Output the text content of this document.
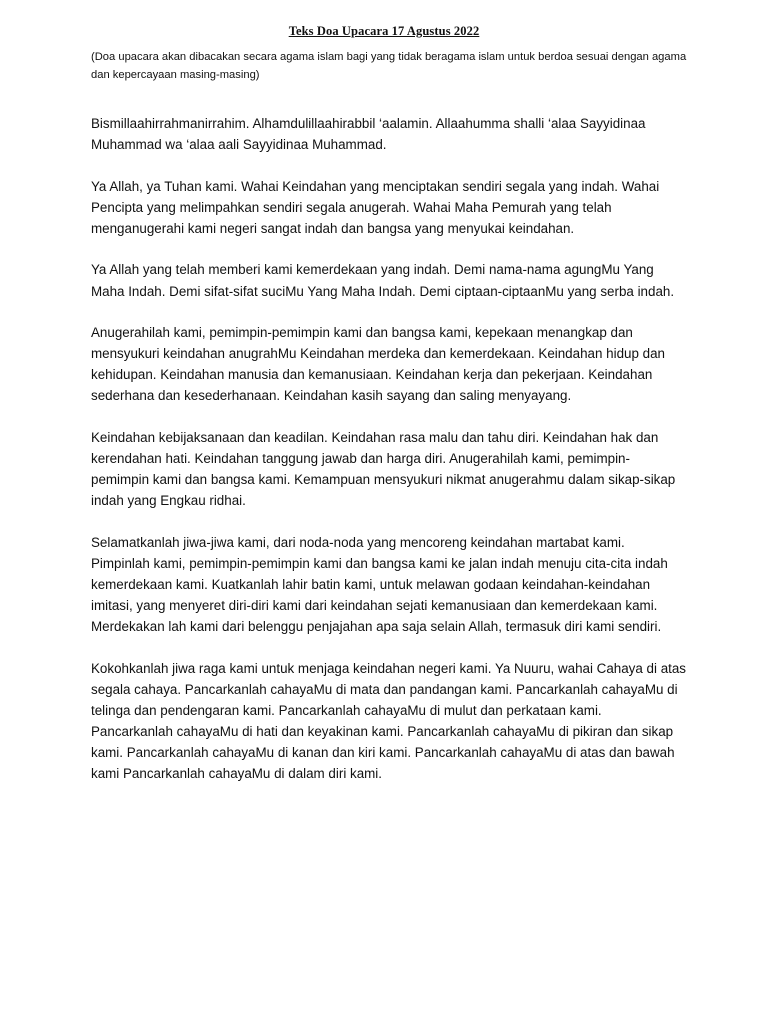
Teks Doa Upacara 17 Agustus 2022

(Doa upacara akan dibacakan secara agama islam bagi yang tidak beragama islam untuk berdoa sesuai dengan agama dan kepercayaan masing-masing)

Bismillaahirrahmanirrahim. Alhamdulillaahirabbil ‘aalamin. Allaahumma shalli ‘alaa Sayyidinaa Muhammad wa ‘alaa aali Sayyidinaa Muhammad.

Ya Allah, ya Tuhan kami. Wahai Keindahan yang menciptakan sendiri segala yang indah. Wahai Pencipta yang melimpahkan sendiri segala anugerah. Wahai Maha Pemurah yang telah menganugerahi kami negeri sangat indah dan bangsa yang menyukai keindahan.

Ya Allah yang telah memberi kami kemerdekaan yang indah. Demi nama-nama agungMu Yang Maha Indah. Demi sifat-sifat suciMu Yang Maha Indah. Demi ciptaan-ciptaanMu yang serba indah.

Anugerahilah kami, pemimpin-pemimpin kami dan bangsa kami, kepekaan menangkap dan mensyukuri keindahan anugrahMu Keindahan merdeka dan kemerdekaan. Keindahan hidup dan kehidupan. Keindahan manusia dan kemanusiaan. Keindahan kerja dan pekerjaan. Keindahan sederhana dan kesederhanaan. Keindahan kasih sayang dan saling menyayang.

Keindahan kebijaksanaan dan keadilan. Keindahan rasa malu dan tahu diri. Keindahan hak dan kerendahan hati. Keindahan tanggung jawab dan harga diri. Anugerahilah kami, pemimpin-pemimpin kami dan bangsa kami. Kemampuan mensyukuri nikmat anugerahmu dalam sikap-sikap indah yang Engkau ridhai.

Selamatkanlah jiwa-jiwa kami, dari noda-noda yang mencoreng keindahan martabat kami. Pimpinlah kami, pemimpin-pemimpin kami dan bangsa kami ke jalan indah menuju cita-cita indah kemerdekaan kami. Kuatkanlah lahir batin kami, untuk melawan godaan keindahan-keindahan imitasi, yang menyeret diri-diri kami dari keindahan sejati kemanusiaan dan kemerdekaan kami. Merdekakan lah kami dari belenggu penjajahan apa saja selain Allah, termasuk diri kami sendiri.

Kokohkanlah jiwa raga kami untuk menjaga keindahan negeri kami. Ya Nuuru, wahai Cahaya di atas segala cahaya. Pancarkanlah cahayaMu di mata dan pandangan kami. Pancarkanlah cahayaMu di telinga dan pendengaran kami. Pancarkanlah cahayaMu di mulut dan perkataan kami. Pancarkanlah cahayaMu di hati dan keyakinan kami. Pancarkanlah cahayaMu di pikiran dan sikap kami. Pancarkanlah cahayaMu di kanan dan kiri kami. Pancarkanlah cahayaMu di atas dan bawah kami Pancarkanlah cahayaMu di dalam diri kami.
